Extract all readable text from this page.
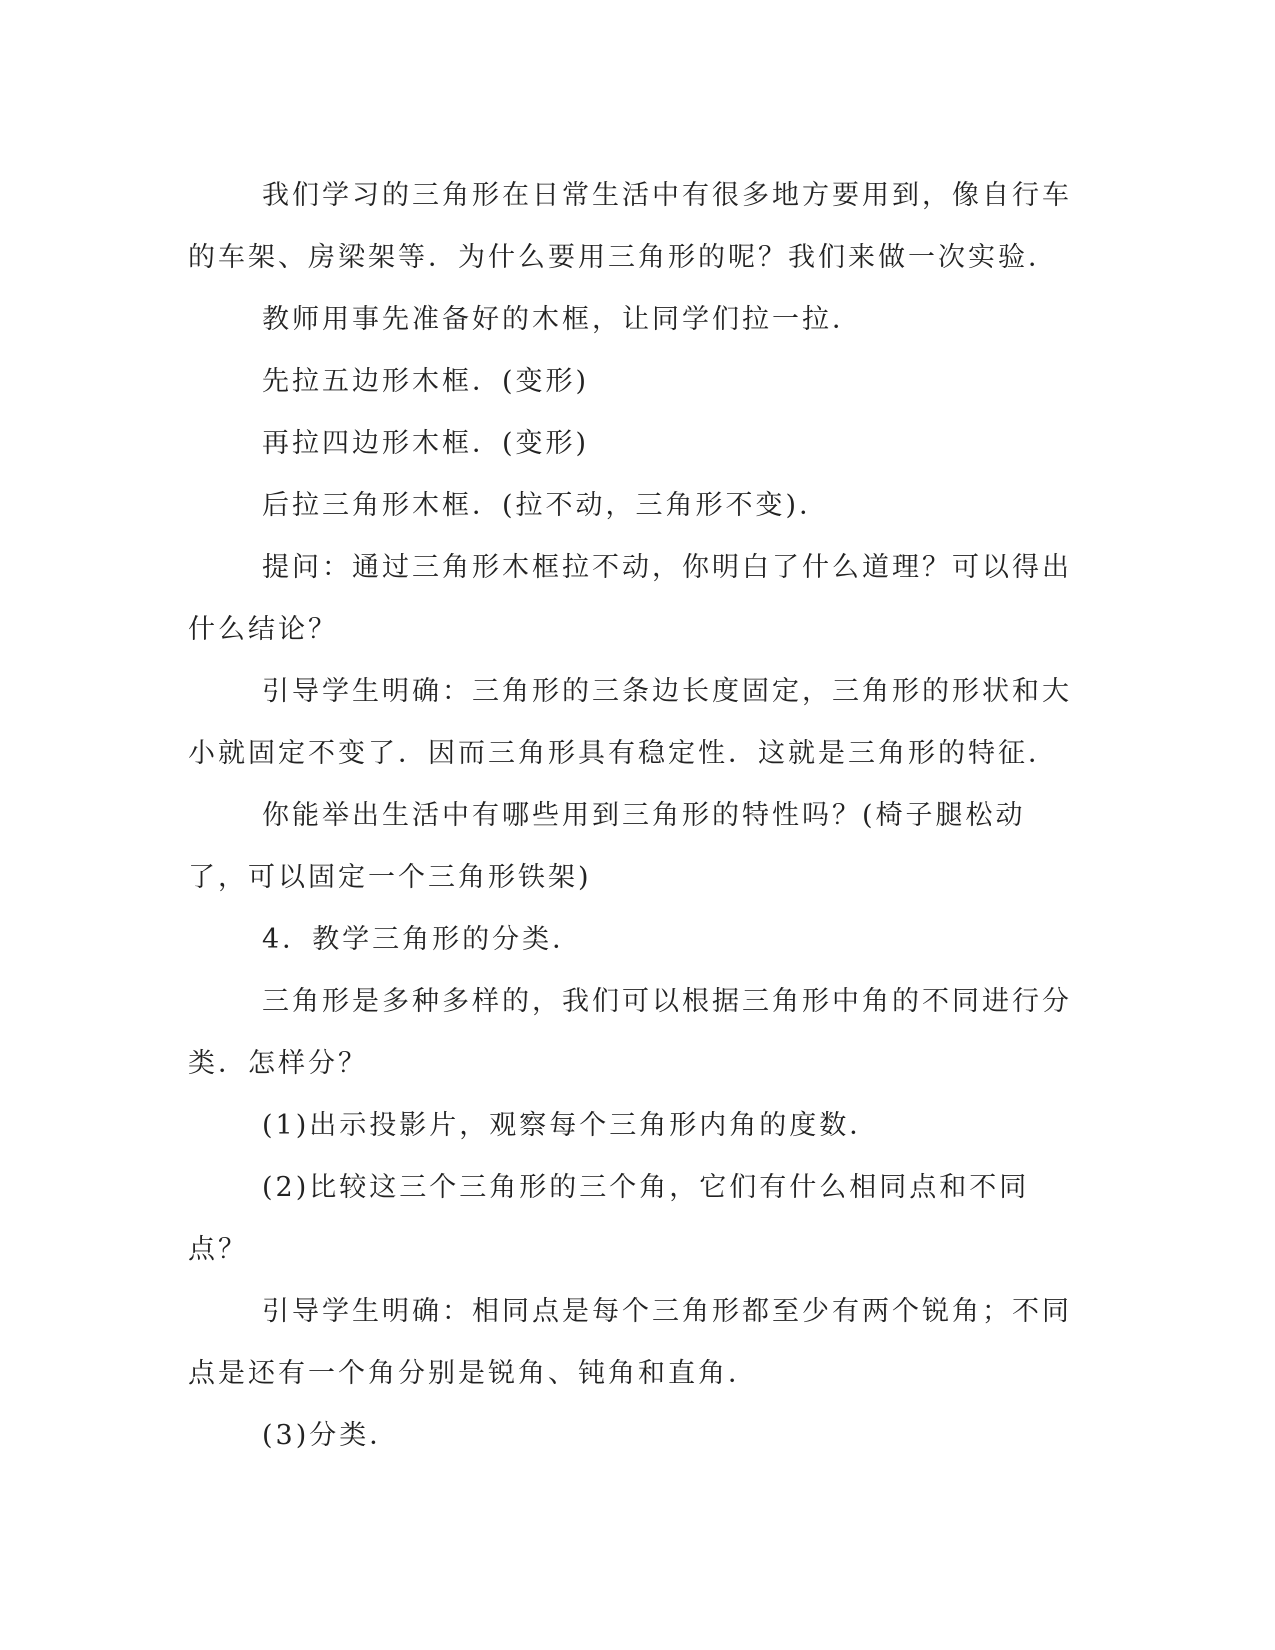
我们学习的三角形在日常生活中有很多地方要用到，像自行车的车架、房梁架等．为什么要用三角形的呢？我们来做一次实验．

教师用事先准备好的木框，让同学们拉一拉．

先拉五边形木框．(变形)

再拉四边形木框．(变形)

后拉三角形木框．(拉不动，三角形不变)．

提问：通过三角形木框拉不动，你明白了什么道理？可以得出什么结论？

引导学生明确：三角形的三条边长度固定，三角形的形状和大小就固定不变了．因而三角形具有稳定性．这就是三角形的特征．

你能举出生活中有哪些用到三角形的特性吗？(椅子腿松动了，可以固定一个三角形铁架)

4．教学三角形的分类．

三角形是多种多样的，我们可以根据三角形中角的不同进行分类．怎样分？

(1)出示投影片，观察每个三角形内角的度数．

(2)比较这三个三角形的三个角，它们有什么相同点和不同点？

引导学生明确：相同点是每个三角形都至少有两个锐角；不同点是还有一个角分别是锐角、钝角和直角．

(3)分类．
